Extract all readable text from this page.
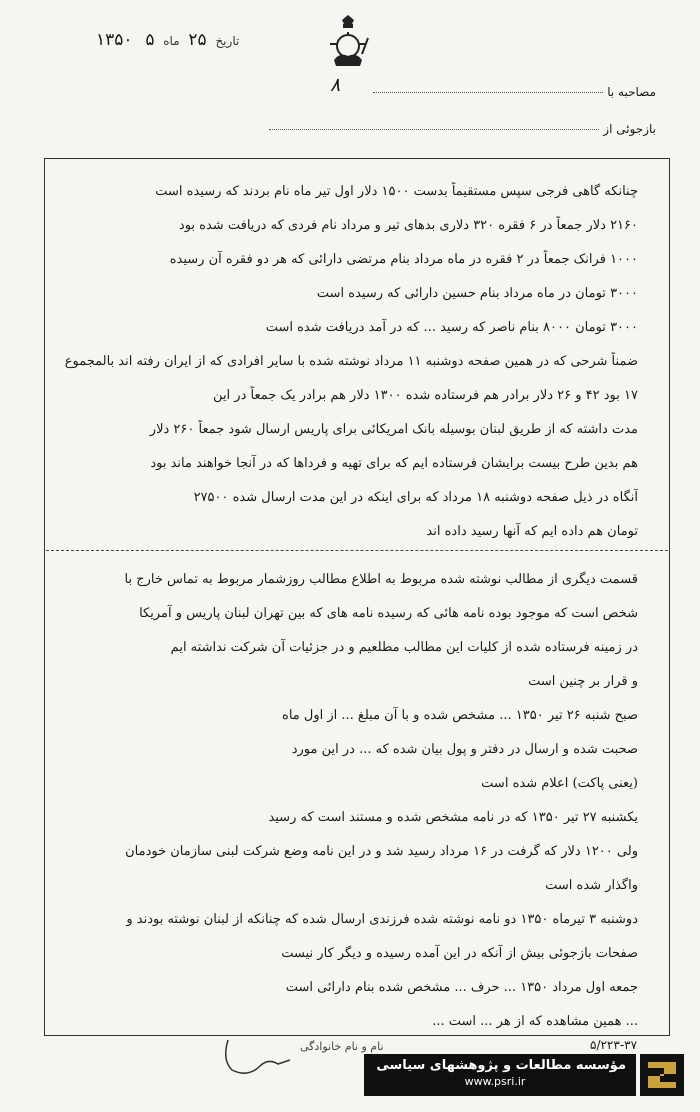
تاریخ ۲۵ ماه ۵ ۱۳۵۰
۸	مصاحبه با
بازجوئی از
چنانکه گاهی فرجی سپس مستقیماً بدست ۱۵۰۰ دلار اول تیر ماه نام بردند که رسیده است
۲۱۶۰ دلار جمعاً در ۶ فقره ۳۲۰ دلاری بدهای تیر و مرداد نام فردی که دریافت شده بود
۱۰۰۰ فرانک جمعاً در ۲ فقره در ماه مرداد بنام مرتضی دارائی که هر دو فقره آن رسیده
۳۰۰۰ تومان در ماه مرداد بنام حسین دارائی که رسیده است
۳۰۰۰ تومان ۸۰۰۰ بنام ناصر که رسید ... که در آمد دریافت شده است
ضمناً شرحی که در همین صفحه دوشنبه ۱۱ مرداد نوشته شده با سایر افرادی که از ایران رفته اند بالمجموع
۱۷ بود ۴۲ و ۲۶ دلار برادر هم فرستاده شده ۱۳۰۰ دلار هم برادر یک جمعاً در این
مدت داشته که از طریق لبنان بوسیله بانک امریکائی برای پاریس ارسال شود جمعاً ۲۶۰ دلار
هم بدین طرح بیست برایشان فرستاده ایم که برای تهیه و فرداها که در آنجا خواهند ماند بود
آنگاه در ذیل صفحه دوشنبه ۱۸ مرداد که برای اینکه در این مدت ارسال شده ۲۷۵۰۰
تومان هم داده ایم که آنها رسید داده اند
قسمت دیگری از مطالب نوشته شده مربوط به اطلاع مطالب روزشمار مربوط به تماس خارج با
شخص است که موجود بوده نامه هائی که رسیده نامه های که بین تهران لبنان پاریس و آمریکا
در زمینه فرستاده شده از کلیات این مطالب مطلعیم و در جزئیات آن شرکت نداشته ایم
و قرار بر چنین است
صبح شنبه ۲۶ تیر ۱۳۵۰ ... مشخص شده و با آن مبلغ ... از اول ماه
صحبت شده و ارسال در دفتر و پول بیان شده که ... در این مورد
(یعنی پاکت) اعلام شده است
یکشنبه ۲۷ تیر ۱۳۵۰ که در نامه مشخص شده و مستند است که رسید
ولی ۱۲۰۰ دلار که گرفت در ۱۶ مرداد رسید شد و در این نامه وضع شرکت لبنی سازمان خودمان
واگذار شده است
دوشنبه ۳ تیرماه ۱۳۵۰ دو نامه نوشته شده فرزندی ارسال شده که چنانکه از لبنان نوشته بودند و
صفحات بازجوئی بیش از آنکه در این آمده رسیده و دیگر کار نیست
جمعه اول مرداد ۱۳۵۰ ... حرف ... مشخص شده بنام دارائی است
... همین مشاهده که از هر ... است ...
۵/۲۲۳-۳۷
نام و نام خانوادگی
مؤسسه مطالعات و پژوهشهای سیاسی
www.psri.ir
